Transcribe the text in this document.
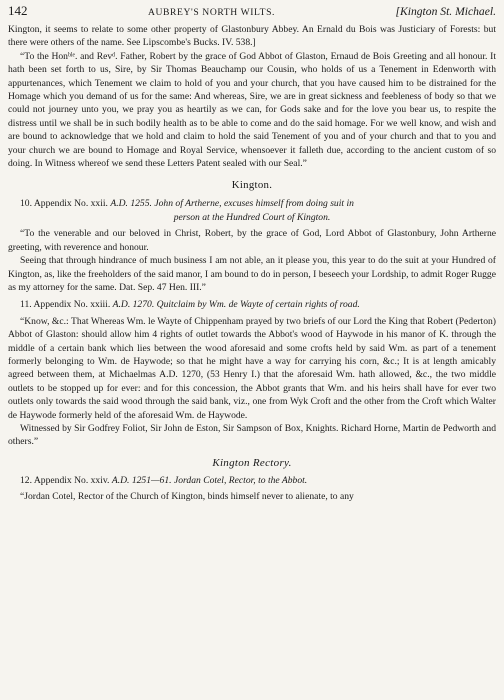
142	AUBREY'S NORTH WILTS.	[Kington St. Michael.

Kington, it seems to relate to some other property of Glastonbury Abbey. An Ernald du Bois was Justiciary of Forests: but there were others of the name. See Lipscombe's Bucks. IV. 538.]

“To the Honᵇˡᵉ. and Revᵈ. Father, Robert by the grace of God Abbot of Glaston, Ernaud de Bois Greeting and all honour. It hath been set forth to us, Sire, by Sir Thomas Beauchamp our Cousin, who holds of us a Tenement in Edenworth with appurtenances, which Tenement we claim to hold of you and your church, that you have caused him to be distrained for the Homage which you demand of us for the same: And whereas, Sire, we are in great sickness and feebleness of body so that we could not journey unto you, we pray you as heartily as we can, for Gods sake and for the love you bear us, to respite the distress until we shall be in such bodily health as to be able to come and do the said homage. For we well know, and wish and are bound to acknowledge that we hold and claim to hold the said Tenement of you and of your church and that to you and your church we are bound to Homage and Royal Service, whensoever it falleth due, according to the ancient custom of so doing. In Witness whereof we send these Letters Patent sealed with our Seal.”

Kington.
10. Appendix No. xxii. A.D. 1255. John of Artherne, excuses himself from doing suit in
person at the Hundred Court of Kington.

“To the venerable and our beloved in Christ, Robert, by the grace of God, Lord Abbot of Glastonbury, John Artherne greeting, with reverence and honour.

Seeing that through hindrance of much business I am not able, an it please you, this year to do the suit at your Hundred of Kington, as, like the freeholders of the said manor, I am bound to do in person, I beseech your Lordship, to admit Roger Rugge as my attorney for the same. Dat. Sep. 47 Hen. III.”

11. Appendix No. xxiii. A.D. 1270. Quitclaim by Wm. de Wayte of certain rights of road.

“Know, &c.: That Whereas Wm. le Wayte of Chippenham prayed by two briefs of our Lord the King that Robert (Pederton) Abbot of Glaston: should allow him 4 rights of outlet towards the Abbot's wood of Haywode in his manor of K. through the middle of a certain bank which lies between the wood aforesaid and some crofts held by said Wm. as part of a tenement formerly belonging to Wm. de Haywode; so that he might have a way for carrying his corn, &c.; It is at length amicably agreed between them, at Michaelmas A.D. 1270, (53 Henry I.) that the aforesaid Wm. hath allowed, &c., the two middle outlets to be stopped up for ever: and for this concession, the Abbot grants that Wm. and his heirs shall have for ever two outlets only towards the said wood through the said bank, viz., one from Wyk Croft and the other from the Croft which Walter de Haywode formerly held of the aforesaid Wm. de Haywode.

Witnessed by Sir Godfrey Foliot, Sir John de Eston, Sir Sampson of Box, Knights. Richard Horne, Martin de Pedworth and others.”

Kington Rectory.
12. Appendix No. xxiv. A.D. 1251—61. Jordan Cotel, Rector, to the Abbot.

“Jordan Cotel, Rector of the Church of Kington, binds himself never to alienate, to any
